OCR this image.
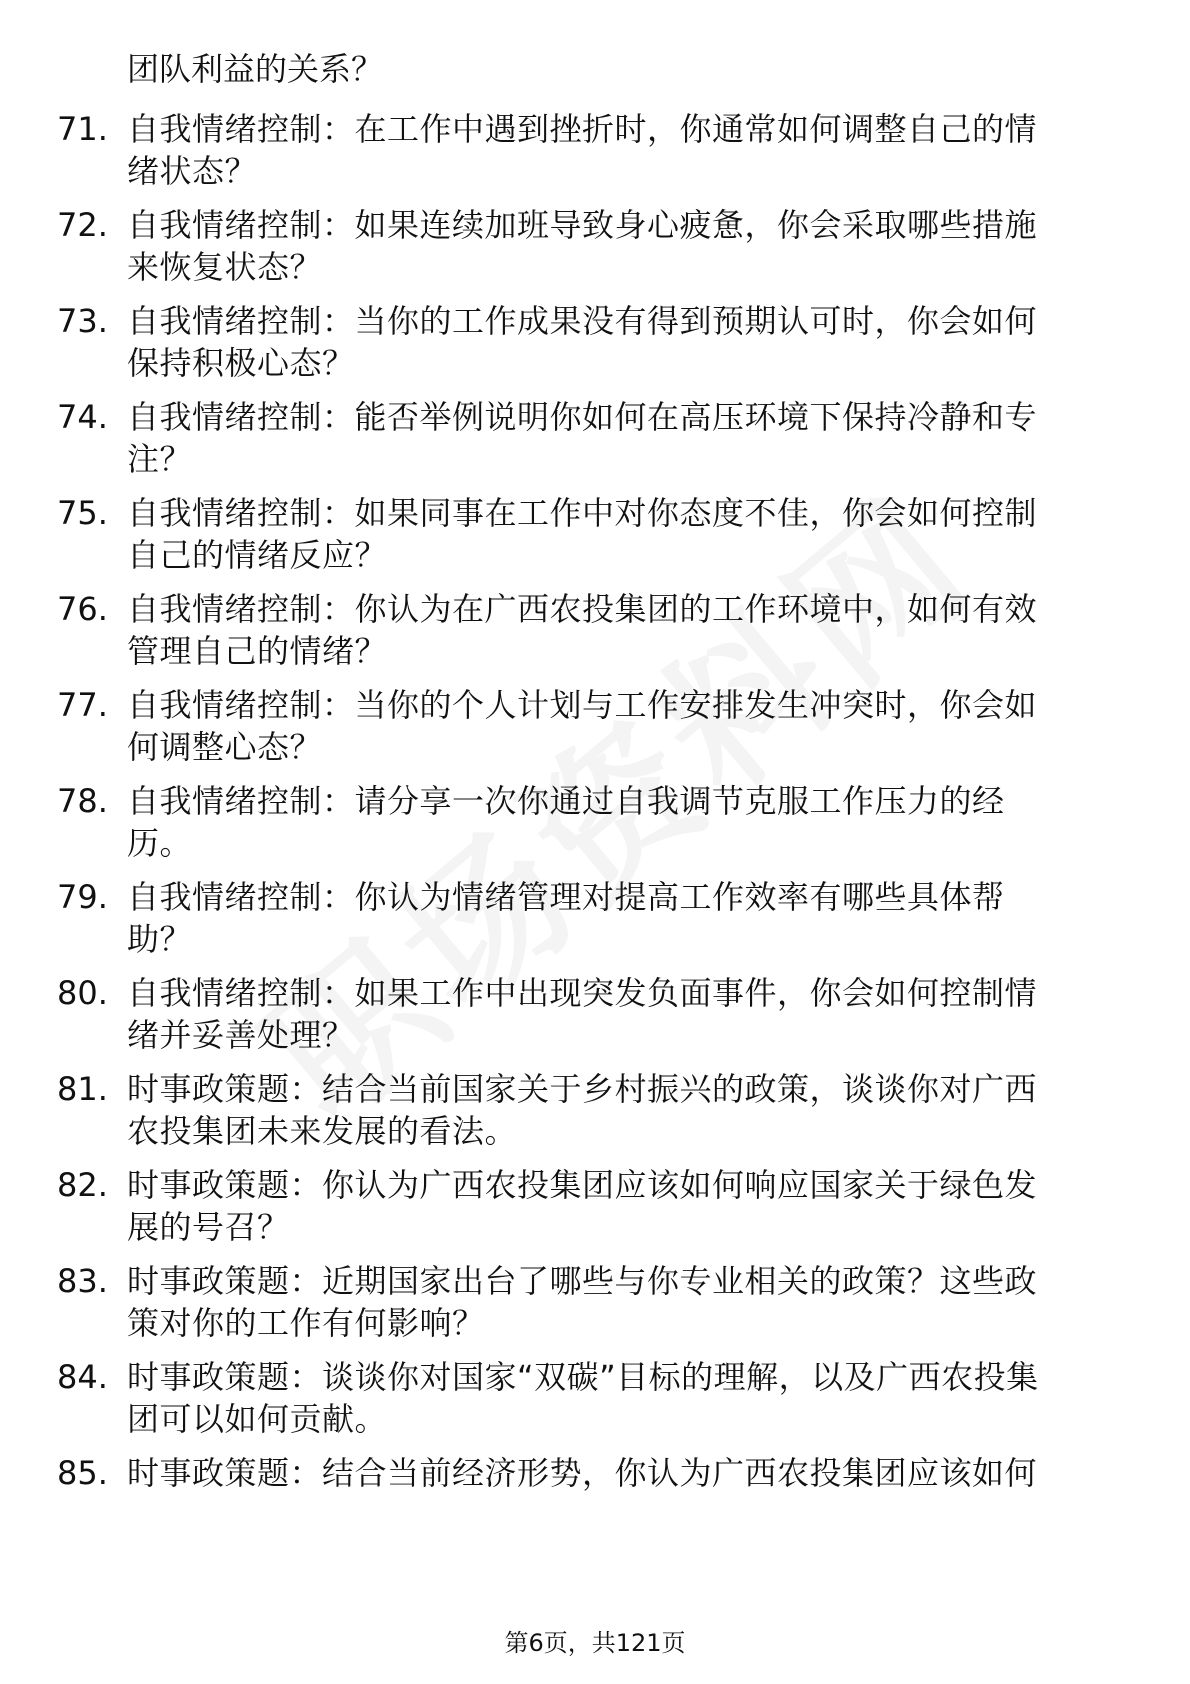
团队利益的关系？
71. 自我情绪控制：在工作中遇到挫折时，你通常如何调整自己的情
绪状态？
72. 自我情绪控制：如果连续加班导致身心疲惫，你会采取哪些措施
来恢复状态？
73. 自我情绪控制：当你的工作成果没有得到预期认可时，你会如何
保持积极心态？
74. 自我情绪控制：能否举例说明你如何在高压环境下保持冷静和专
注？
75. 自我情绪控制：如果同事在工作中对你态度不佳，你会如何控制
自己的情绪反应？
76. 自我情绪控制：你认为在广西农投集团的工作环境中，如何有效
管理自己的情绪？
77. 自我情绪控制：当你的个人计划与工作安排发生冲突时，你会如
何调整心态？
78. 自我情绪控制：请分享一次你通过自我调节克服工作压力的经
历。
79. 自我情绪控制：你认为情绪管理对提高工作效率有哪些具体帮
助？
80. 自我情绪控制：如果工作中出现突发负面事件，你会如何控制情
绪并妥善处理？
81. 时事政策题：结合当前国家关于乡村振兴的政策，谈谈你对广西
农投集团未来发展的看法。
82. 时事政策题：你认为广西农投集团应该如何响应国家关于绿色发
展的号召？
83. 时事政策题：近期国家出台了哪些与你专业相关的政策？这些政
策对你的工作有何影响？
84. 时事政策题：谈谈你对国家“双碳”目标的理解，以及广西农投集
团可以如何贡献。
85. 时事政策题：结合当前经济形势，你认为广西农投集团应该如何
第6页，共121页
